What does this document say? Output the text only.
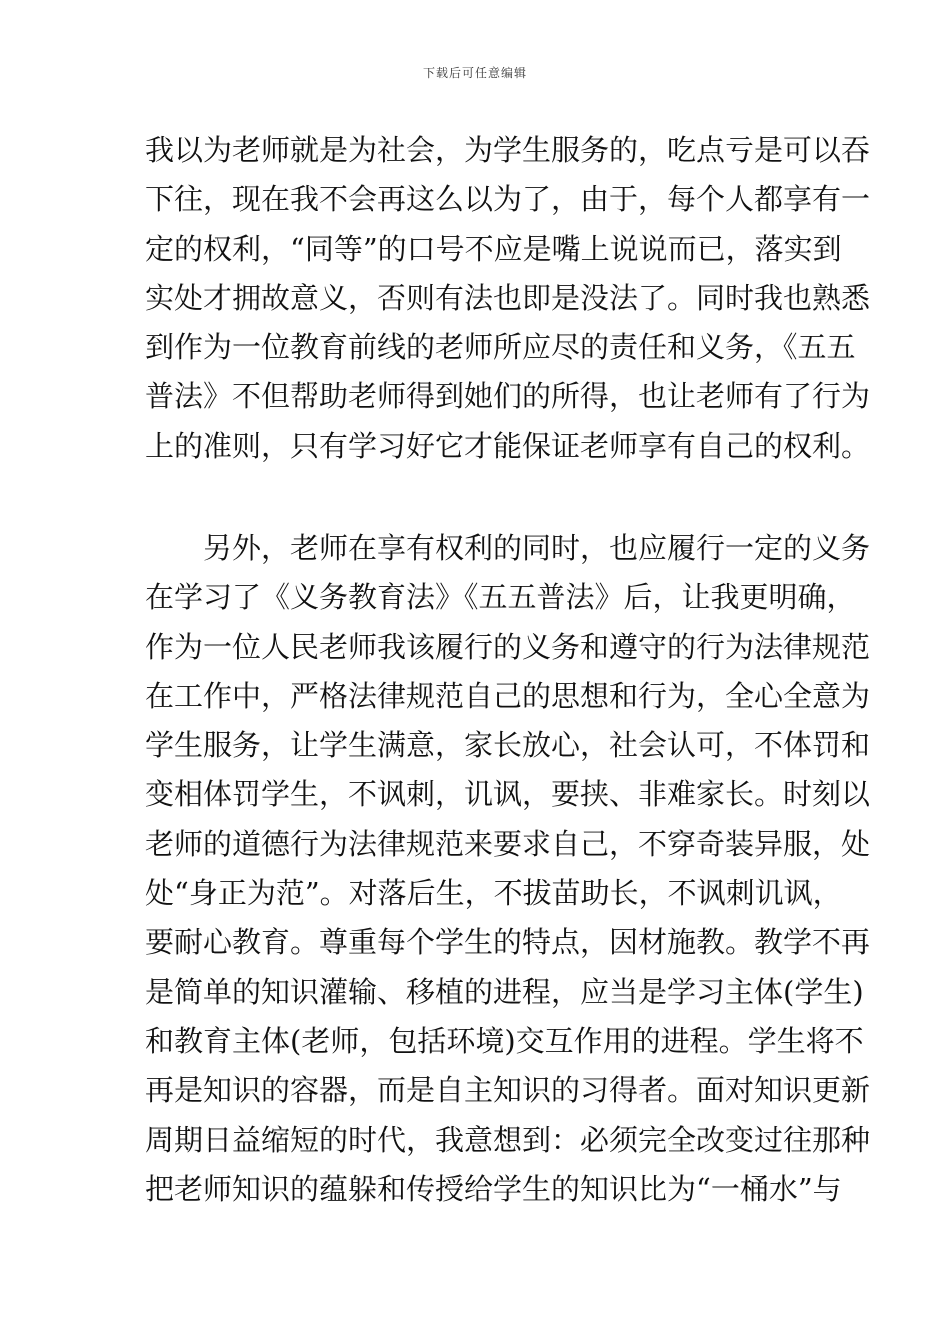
下载后可任意编辑
我以为老师就是为社会，为学生服务的，吃点亏是可以吞
下往，现在我不会再这么以为了，由于，每个人都享有一
定的权利，“同等”的口号不应是嘴上说说而已，落实到
实处才拥故意义，否则有法也即是没法了。同时我也熟悉
到作为一位教育前线的老师所应尽的责任和义务，《五五
普法》不但帮助老师得到她们的所得，也让老师有了行为
上的准则，只有学习好它才能保证老师享有自己的权利。
　　另外，老师在享有权利的同时，也应履行一定的义务
在学习了《义务教育法》《五五普法》后，让我更明确，
作为一位人民老师我该履行的义务和遵守的行为法律规范
在工作中，严格法律规范自己的思想和行为，全心全意为
学生服务，让学生满意，家长放心，社会认可，不体罚和
变相体罚学生，不讽刺，讥讽，要挟、非难家长。时刻以
老师的道德行为法律规范来要求自己，不穿奇装异服，处
处“身正为范”。对落后生，不拔苗助长，不讽刺讥讽，
要耐心教育。尊重每个学生的特点，因材施教。教学不再
是简单的知识灌输、移植的进程，应当是学习主体(学生)
和教育主体(老师，包括环境)交互作用的进程。学生将不
再是知识的容器，而是自主知识的习得者。面对知识更新
周期日益缩短的时代，我意想到：必须完全改变过往那种
把老师知识的蕴躲和传授给学生的知识比为“一桶水”与
